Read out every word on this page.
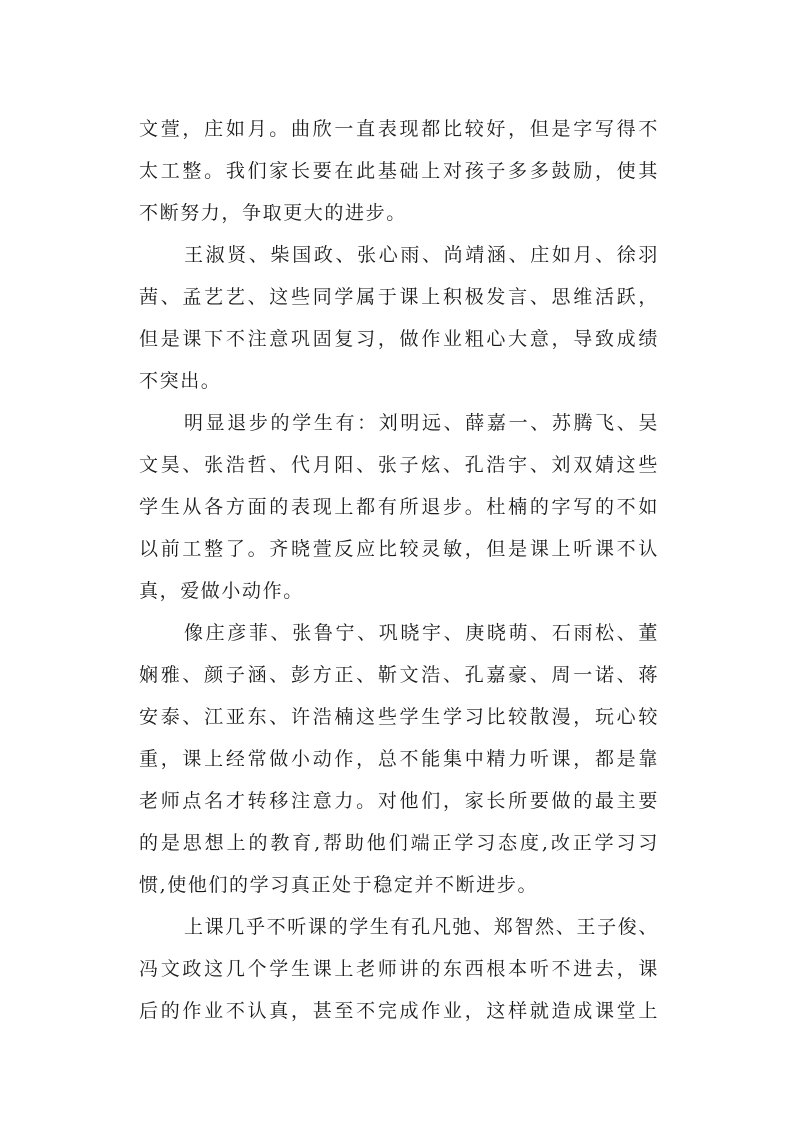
文萱，庄如月。曲欣一直表现都比较好，但是字写得不
太工整。我们家长要在此基础上对孩子多多鼓励，使其
不断努力，争取更大的进步。
王淑贤、柴国政、张心雨、尚靖涵、庄如月、徐羽
茜、孟艺艺、这些同学属于课上积极发言、思维活跃，
但是课下不注意巩固复习，做作业粗心大意，导致成绩
不突出。
明显退步的学生有：刘明远、薛嘉一、苏腾飞、吴
文昊、张浩哲、代月阳、张子炫、孔浩宇、刘双婧这些
学生从各方面的表现上都有所退步。杜楠的字写的不如
以前工整了。齐晓萱反应比较灵敏，但是课上听课不认
真，爱做小动作。
像庄彦菲、张鲁宁、巩晓宇、庚晓萌、石雨松、董
娴雅、颜子涵、彭方正、靳文浩、孔嘉豪、周一诺、蒋
安泰、江亚东、许浩楠这些学生学习比较散漫，玩心较
重，课上经常做小动作，总不能集中精力听课，都是靠
老师点名才转移注意力。对他们，家长所要做的最主要
的是思想上的教育,帮助他们端正学习态度,改正学习习
惯,使他们的学习真正处于稳定并不断进步。
上课几乎不听课的学生有孔凡弛、郑智然、王子俊、
冯文政这几个学生课上老师讲的东西根本听不进去，课
后的作业不认真，甚至不完成作业，这样就造成课堂上
